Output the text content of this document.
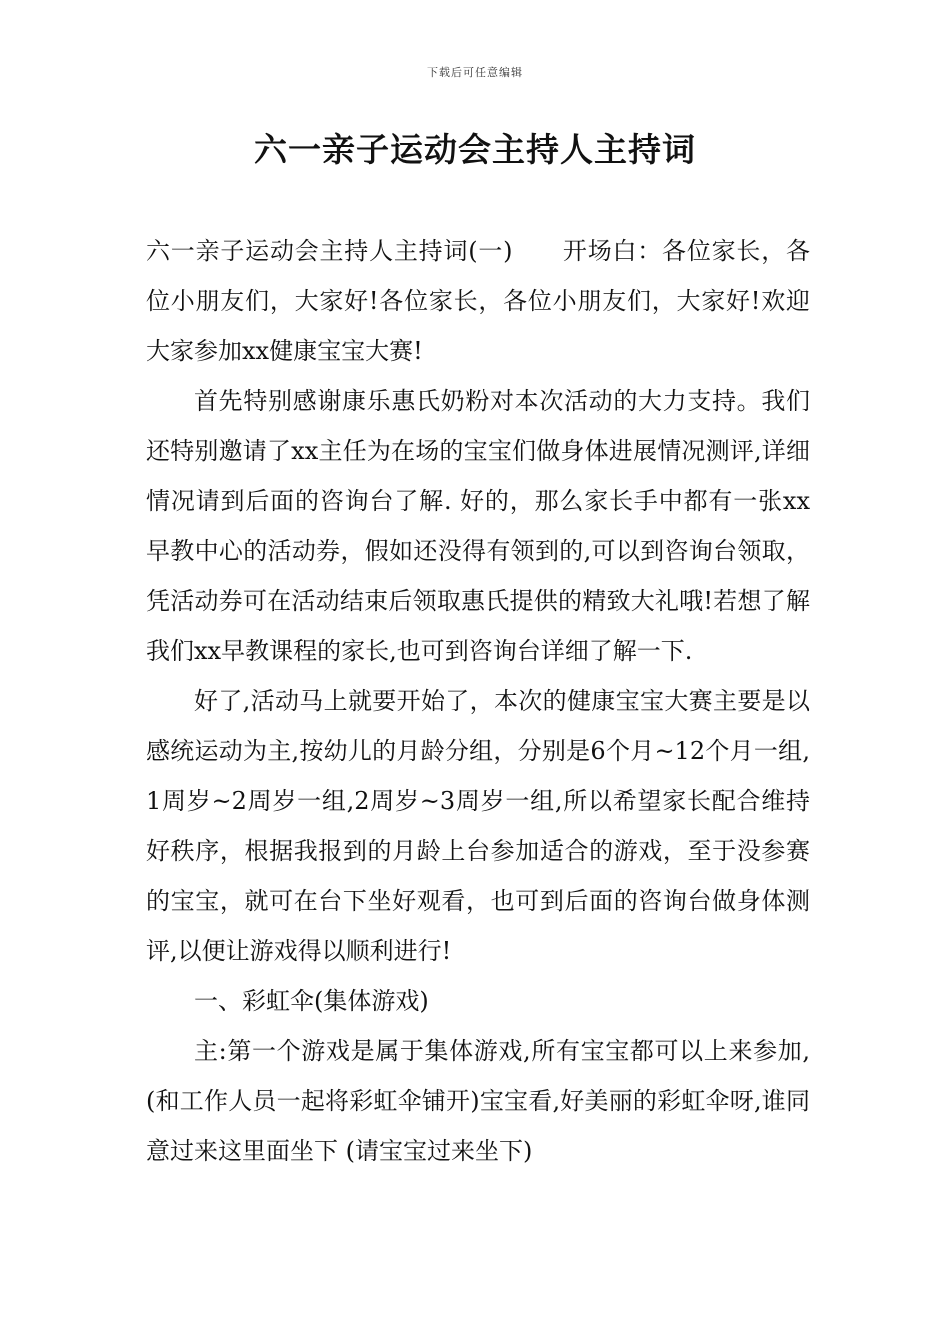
下载后可任意编辑
六一亲子运动会主持人主持词

六一亲子运动会主持人主持词(一)　　开场白：各位家长，各位小朋友们，大家好!各位家长，各位小朋友们，大家好!欢迎大家参加xx健康宝宝大赛!

首先特别感谢康乐惠氏奶粉对本次活动的大力支持。我们还特别邀请了xx主任为在场的宝宝们做身体进展情况测评,详细情况请到后面的咨询台了解. 好的，那么家长手中都有一张xx早教中心的活动券，假如还没得有领到的,可以到咨询台领取，凭活动券可在活动结束后领取惠氏提供的精致大礼哦!若想了解我们xx早教课程的家长,也可到咨询台详细了解一下.

好了,活动马上就要开始了，本次的健康宝宝大赛主要是以感统运动为主,按幼儿的月龄分组，分别是6个月~12个月一组,1周岁~2周岁一组,2周岁~3周岁一组,所以希望家长配合维持好秩序，根据我报到的月龄上台参加适合的游戏，至于没参赛的宝宝，就可在台下坐好观看，也可到后面的咨询台做身体测评,以便让游戏得以顺利进行!

一、彩虹伞(集体游戏)

主:第一个游戏是属于集体游戏,所有宝宝都可以上来参加,(和工作人员一起将彩虹伞铺开)宝宝看,好美丽的彩虹伞呀,谁同意过来这里面坐下 (请宝宝过来坐下)
